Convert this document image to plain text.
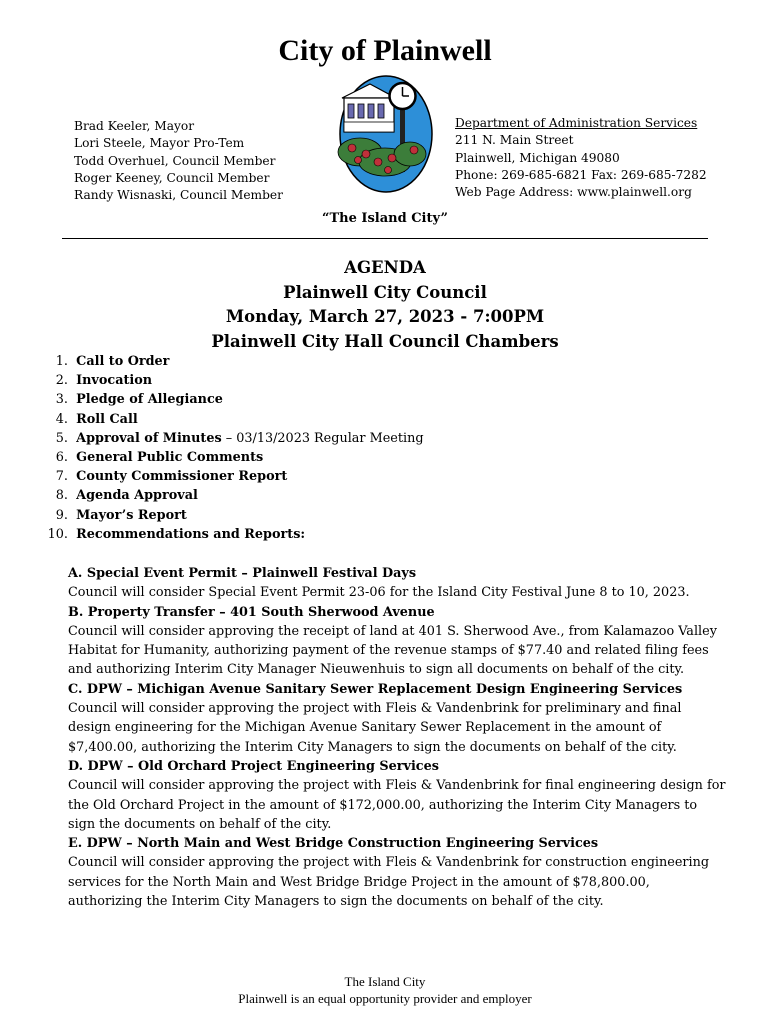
City of Plainwell
Brad Keeler, Mayor
Lori Steele, Mayor Pro-Tem
Todd Overhuel, Council Member
Roger Keeney, Council Member
Randy Wisnaski, Council Member
Department of Administration Services
211 N. Main Street
Plainwell, Michigan 49080
Phone: 269-685-6821 Fax: 269-685-7282
Web Page Address: www.plainwell.org
“The Island City”
AGENDA
Plainwell City Council
Monday, March 27, 2023 - 7:00PM
Plainwell City Hall Council Chambers
1.
Call to Order
2.
Invocation
3.
Pledge of Allegiance
4.
Roll Call
5.
Approval of Minutes – 03/13/2023 Regular Meeting
6.
General Public Comments
7.
County Commissioner Report
8.
Agenda Approval
9.
Mayor’s Report
10.
Recommendations and Reports:

A. Special Event Permit – Plainwell Festival Days

Council will consider Special Event Permit 23-06 for the Island City Festival June 8 to 10, 2023.

B. Property Transfer – 401 South Sherwood Avenue

Council will consider approving the receipt of land at 401 S. Sherwood Ave., from Kalamazoo Valley Habitat for Humanity, authorizing payment of the revenue stamps of $77.40 and related filing fees and authorizing Interim City Manager Nieuwenhuis to sign all documents on behalf of the city.

C. DPW – Michigan Avenue Sanitary Sewer Replacement Design Engineering Services

Council will consider approving the project with Fleis & Vandenbrink for preliminary and final design engineering for the Michigan Avenue Sanitary Sewer Replacement in the amount of $7,400.00, authorizing the Interim City Managers to sign the documents on behalf of the city.

D. DPW – Old Orchard Project Engineering Services

Council will consider approving the project with Fleis & Vandenbrink for final engineering design for the Old Orchard Project in the amount of $172,000.00, authorizing the Interim City Managers to sign the documents on behalf of the city.

E. DPW – North Main and West Bridge Construction Engineering Services

Council will consider approving the project with Fleis & Vandenbrink for construction engineering services for the North Main and West Bridge Bridge Project in the amount of $78,800.00, authorizing the Interim City Managers to sign the documents on behalf of the city.

The Island City
Plainwell is an equal opportunity provider and employer
